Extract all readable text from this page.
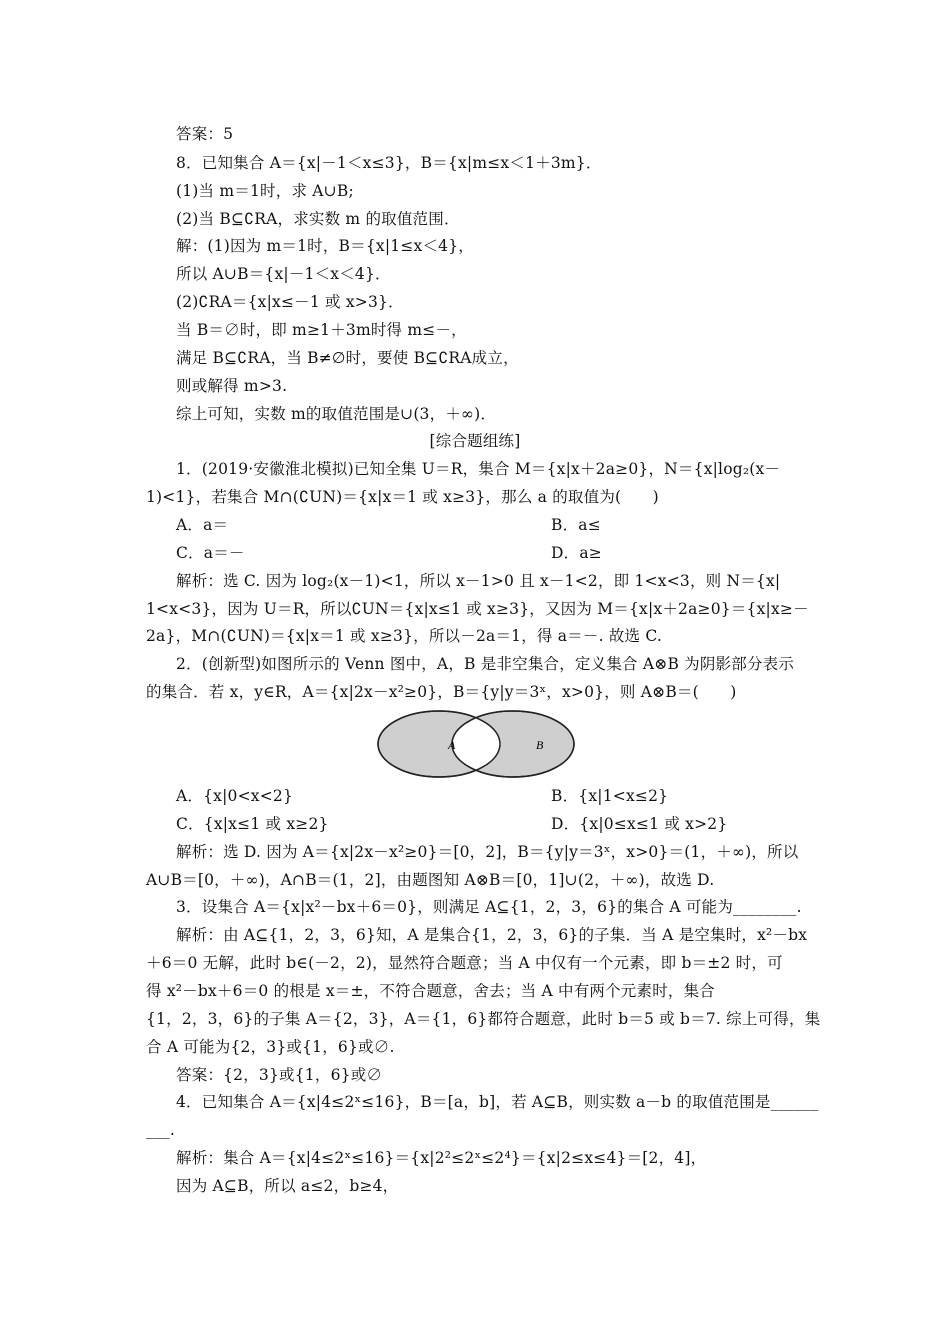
答案：5
8．已知集合 A＝{x|－1＜x≤3}，B＝{x|m≤x＜1＋3m}．
(1)当 m＝1时，求 A∪B;
(2)当 B⊆∁RA，求实数 m 的取值范围．
解：(1)因为 m＝1时，B＝{x|1≤x＜4}，
所以 A∪B＝{x|－1＜x＜4}．
(2)∁RA＝{x|x≤－1 或 x>3}．
当 B＝∅时，即 m≥1＋3m时得 m≤－，
满足 B⊆∁RA，当 B≠∅时，要使 B⊆∁RA成立，
则或解得 m>3.
综上可知，实数 m的取值范围是∪(3，＋∞)．
[综合题组练]
1．(2019·安徽淮北模拟)已知全集 U＝R，集合 M＝{x|x＋2a≥0}，N＝{x|log₂(x－
1)<1}，若集合 M∩(∁UN)＝{x|x＝1 或 x≥3}，那么 a 的取值为(　　)
A．a＝	B．a≤
C．a＝－	D．a≥
解析：选 C. 因为 log₂(x－1)<1，所以 x－1>0 且 x－1<2，即 1<x<3，则 N＝{x|
1<x<3}，因为 U＝R，所以∁UN＝{x|x≤1 或 x≥3}，又因为 M＝{x|x＋2a≥0}＝{x|x≥－
2a}，M∩(∁UN)＝{x|x＝1 或 x≥3}，所以－2a＝1，得 a＝－. 故选 C.
2．(创新型)如图所示的 Venn 图中，A，B 是非空集合，定义集合 A⊗B 为阴影部分表示
的集合．若 x，y∈R，A＝{x|2x－x²≥0}，B＝{y|y＝3ˣ，x>0}，则 A⊗B＝(　　)
A	B
A．{x|0<x<2}	B．{x|1<x≤2}
C．{x|x≤1 或 x≥2}	D．{x|0≤x≤1 或 x>2}
解析：选 D. 因为 A＝{x|2x－x²≥0}＝[0，2]，B＝{y|y＝3ˣ，x>0}＝(1，＋∞)，所以
A∪B＝[0，＋∞)，A∩B＝(1，2]，由题图知 A⊗B＝[0，1]∪(2，＋∞)，故选 D.
3．设集合 A＝{x|x²－bx＋6＝0}，则满足 A⊆{1，2，3，6}的集合 A 可能为________.
解析：由 A⊆{1，2，3，6}知，A 是集合{1，2，3，6}的子集．当 A 是空集时，x²－bx
＋6＝0 无解，此时 b∈(－2，2)，显然符合题意；当 A 中仅有一个元素，即 b＝±2 时，可
得 x²－bx＋6＝0 的根是 x＝±，不符合题意，舍去；当 A 中有两个元素时，集合
{1，2，3，6}的子集 A＝{2，3}，A＝{1，6}都符合题意，此时 b＝5 或 b＝7. 综上可得，集
合 A 可能为{2，3}或{1，6}或∅.
答案：{2，3}或{1，6}或∅
4．已知集合 A＝{x|4≤2ˣ≤16}，B＝[a，b]，若 A⊆B，则实数 a－b 的取值范围是______
___.
解析：集合 A＝{x|4≤2ˣ≤16}＝{x|2²≤2ˣ≤2⁴}＝{x|2≤x≤4}＝[2，4]，
因为 A⊆B，所以 a≤2，b≥4，
